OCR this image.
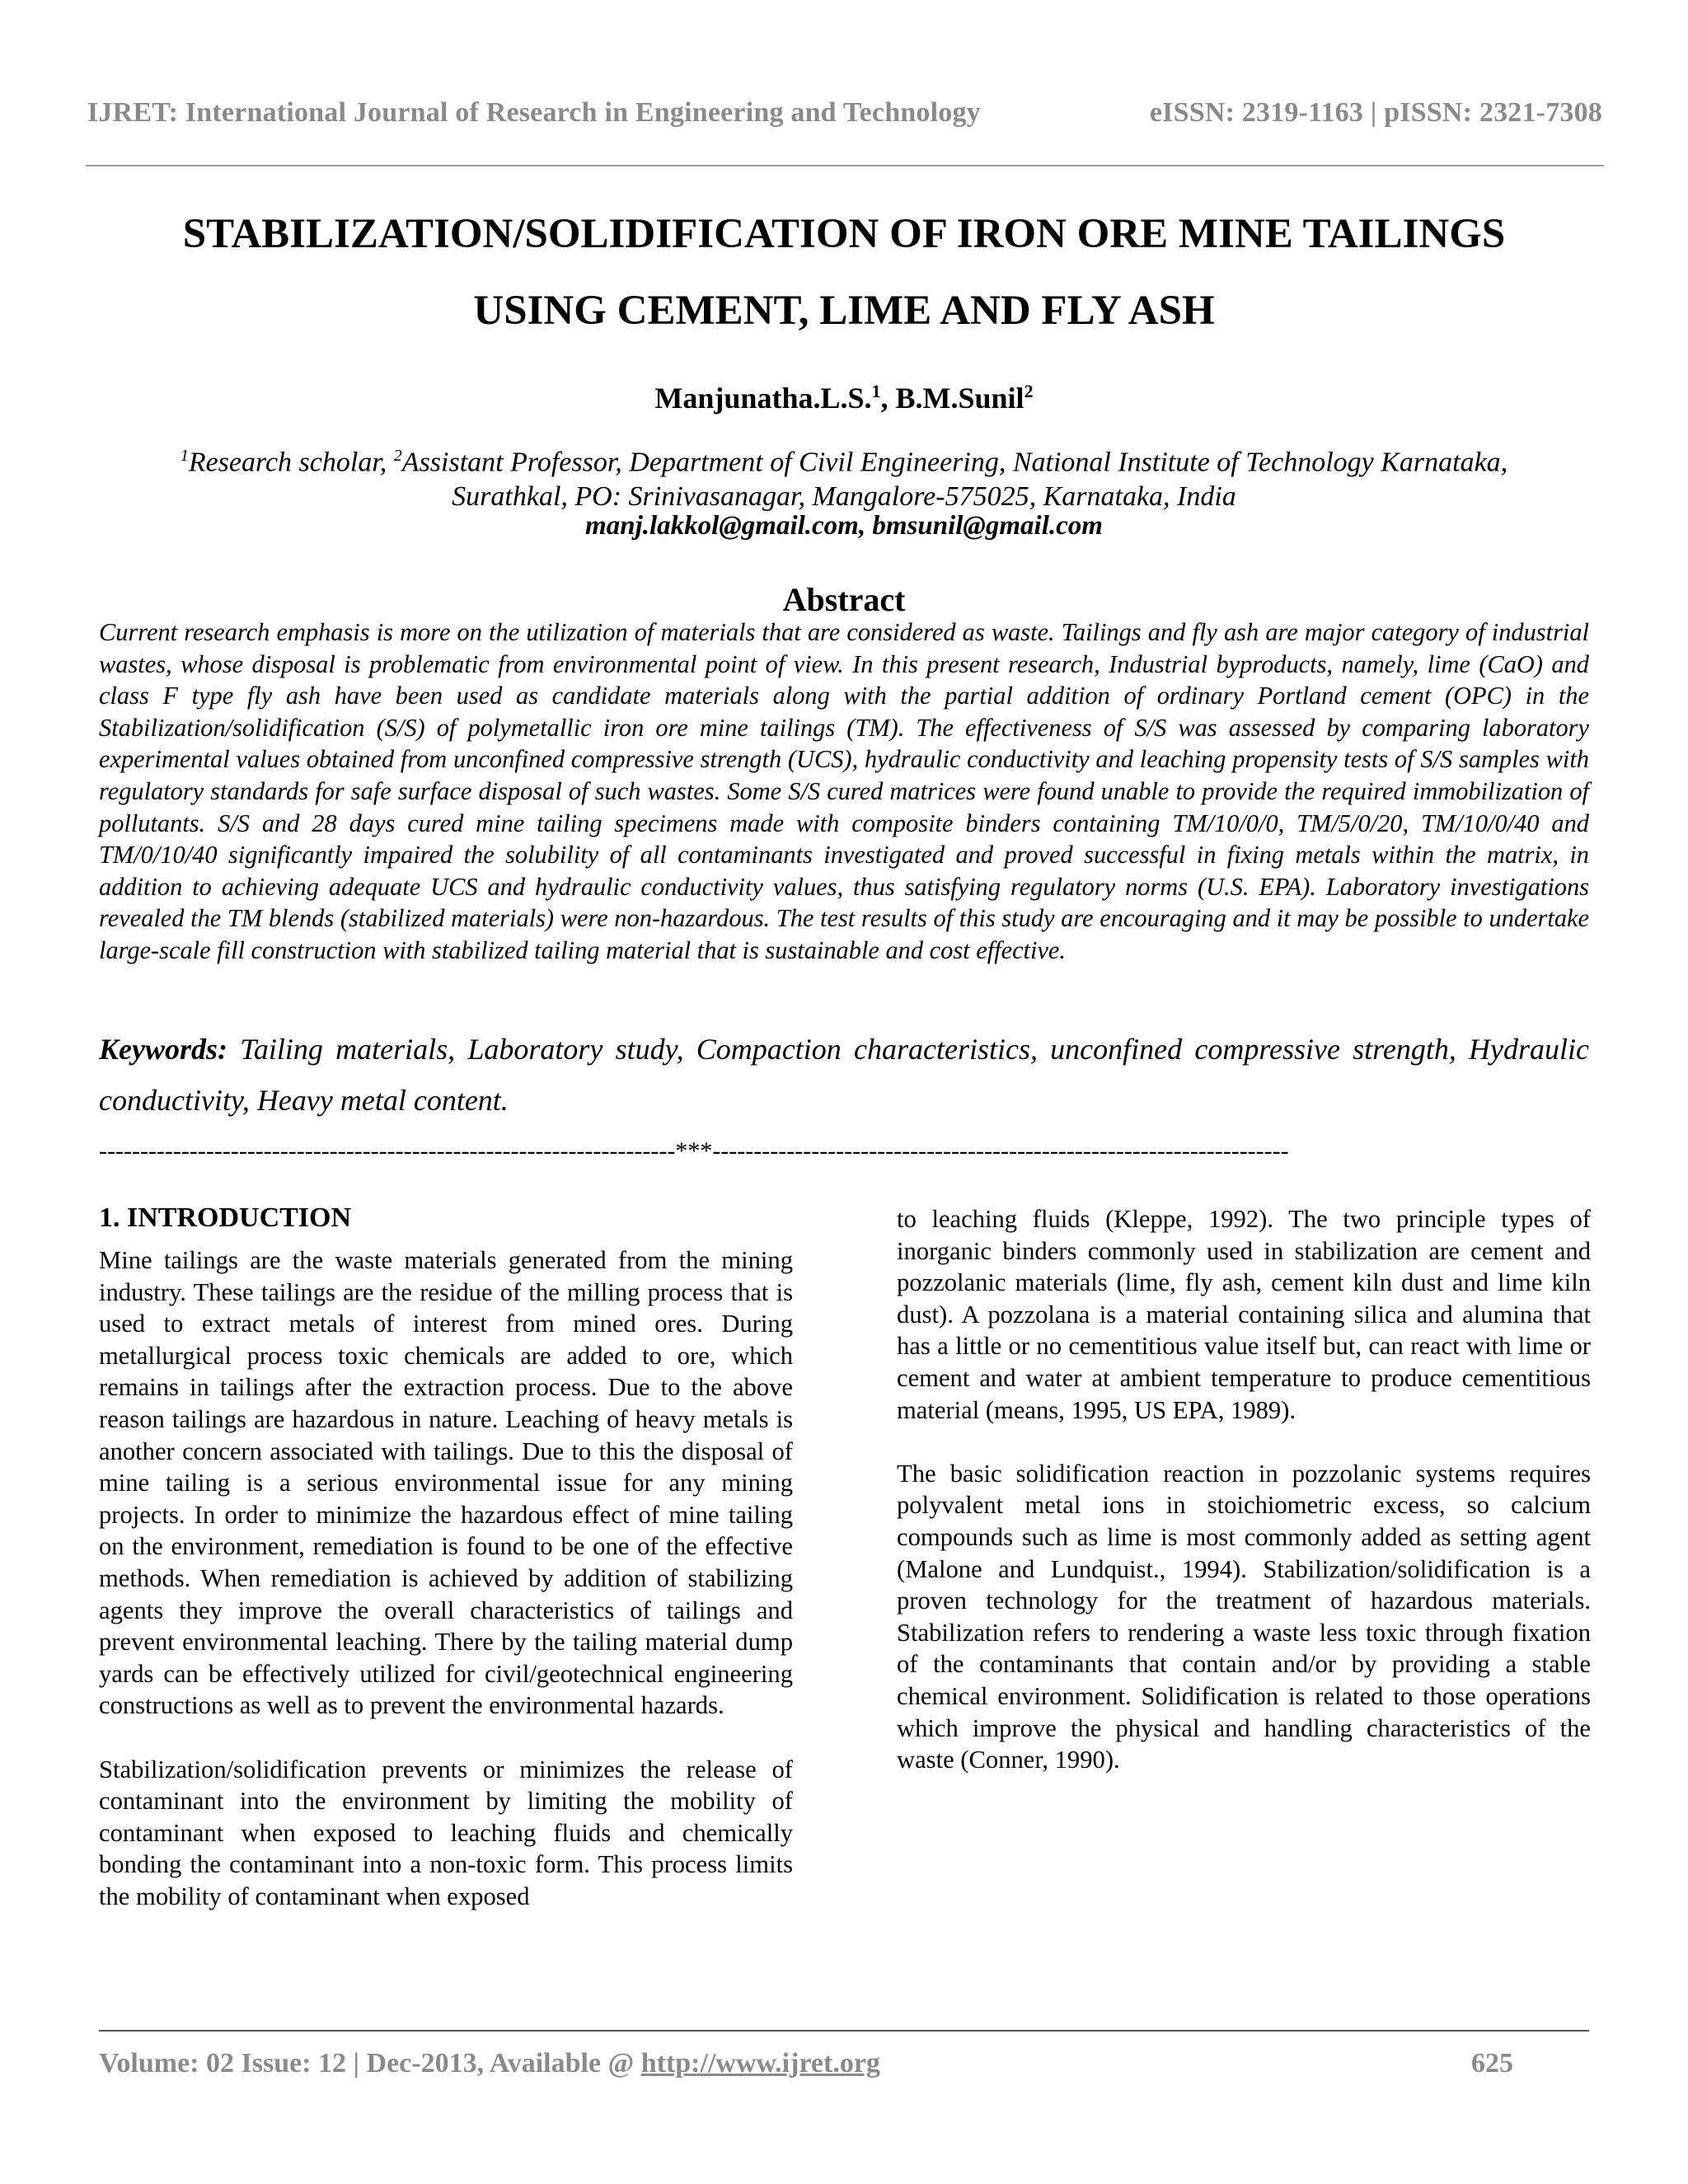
IJRET: International Journal of Research in Engineering and Technology	eISSN: 2319-1163 | pISSN: 2321-7308
STABILIZATION/SOLIDIFICATION OF IRON ORE MINE TAILINGS
USING CEMENT, LIME AND FLY ASH
Manjunatha.L.S.$^1$, B.M.Sunil$^2$
$^1$Research scholar, $^2$Assistant Professor, Department of Civil Engineering, National Institute of Technology Karnataka,
Surathkal, PO: Srinivasanagar, Mangalore-575025, Karnataka, India
manj.lakkol@gmail.com, bmsunil@gmail.com
Abstract
Current research emphasis is more on the utilization of materials that are considered as waste. Tailings and fly ash are major category of industrial wastes, whose disposal is problematic from environmental point of view. In this present research, Industrial byproducts, namely, lime (CaO) and class F type fly ash have been used as candidate materials along with the partial addition of ordinary Portland cement (OPC) in the Stabilization/solidification (S/S) of polymetallic iron ore mine tailings (TM). The effectiveness of S/S was assessed by comparing laboratory experimental values obtained from unconfined compressive strength (UCS), hydraulic conductivity and leaching propensity tests of S/S samples with regulatory standards for safe surface disposal of such wastes. Some S/S cured matrices were found unable to provide the required immobilization of pollutants. S/S and 28 days cured mine tailing specimens made with composite binders containing TM/10/0/0, TM/5/0/20, TM/10/0/40 and TM/0/10/40 significantly impaired the solubility of all contaminants investigated and proved successful in fixing metals within the matrix, in addition to achieving adequate UCS and hydraulic conductivity values, thus satisfying regulatory norms (U.S. EPA). Laboratory investigations revealed the TM blends (stabilized materials) were non-hazardous. The test results of this study are encouraging and it may be possible to undertake large-scale fill construction with stabilized tailing material that is sustainable and cost effective.
Keywords: Tailing materials, Laboratory study, Compaction characteristics, unconfined compressive strength, Hydraulic conductivity, Heavy metal content.
----------------------------------------------------------------------***----------------------------------------------------------------------
1. INTRODUCTION

Mine tailings are the waste materials generated from the mining industry. These tailings are the residue of the milling process that is used to extract metals of interest from mined ores. During metallurgical process toxic chemicals are added to ore, which remains in tailings after the extraction process. Due to the above reason tailings are hazardous in nature. Leaching of heavy metals is another concern associated with tailings. Due to this the disposal of mine tailing is a serious environmental issue for any mining projects. In order to minimize the hazardous effect of mine tailing on the environment, remediation is found to be one of the effective methods. When remediation is achieved by addition of stabilizing agents they improve the overall characteristics of tailings and prevent environmental leaching. There by the tailing material dump yards can be effectively utilized for civil/geotechnical engineering constructions as well as to prevent the environmental hazards.

Stabilization/solidification prevents or minimizes the release of contaminant into the environment by limiting the mobility of contaminant when exposed to leaching fluids and chemically bonding the contaminant into a non-toxic form. This process limits the mobility of contaminant when exposed

to leaching fluids (Kleppe, 1992). The two principle types of inorganic binders commonly used in stabilization are cement and pozzolanic materials (lime, fly ash, cement kiln dust and lime kiln dust). A pozzolana is a material containing silica and alumina that has a little or no cementitious value itself but, can react with lime or cement and water at ambient temperature to produce cementitious material (means, 1995, US EPA, 1989).

The basic solidification reaction in pozzolanic systems requires polyvalent metal ions in stoichiometric excess, so calcium compounds such as lime is most commonly added as setting agent (Malone and Lundquist., 1994). Stabilization/solidification is a proven technology for the treatment of hazardous materials. Stabilization refers to rendering a waste less toxic through fixation of the contaminants that contain and/or by providing a stable chemical environment. Solidification is related to those operations which improve the physical and handling characteristics of the waste (Conner, 1990).

Volume: 02 Issue: 12 | Dec-2013, Available @ http://www.ijret.org	625
